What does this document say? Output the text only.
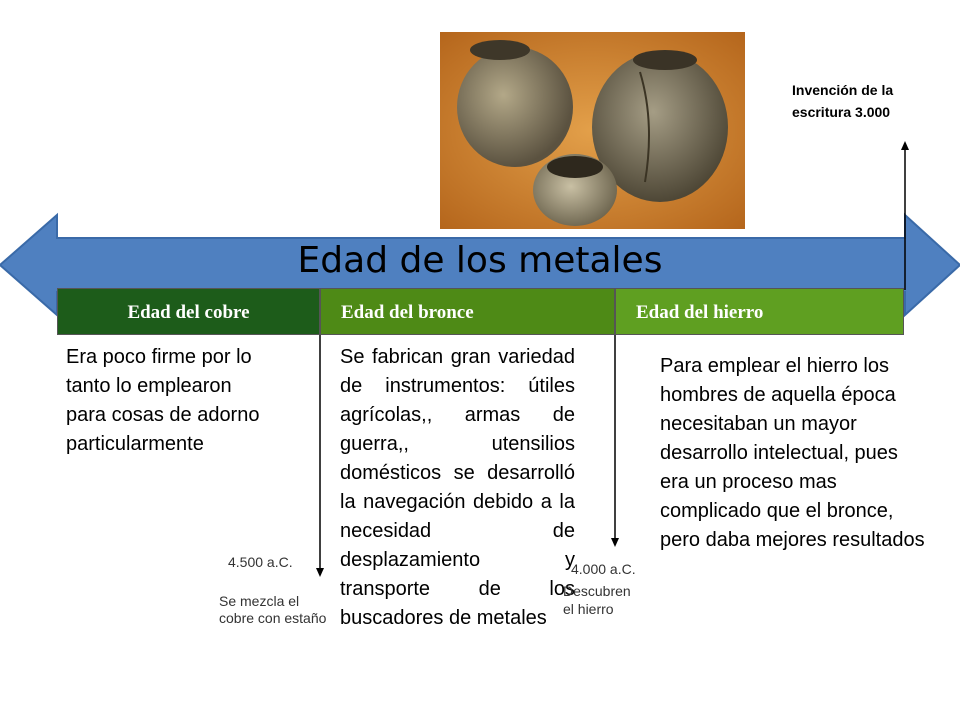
Edad de los metales
Edad del cobre	Edad del bronce	Edad del hierro
Era poco firme por lo tanto lo emplearon para cosas de adorno particularmente
Se fabrican gran variedad de instrumentos: útiles agrícolas,, armas de guerra,, utensilios domésticos se desarrolló la navegación debido a la necesidad de desplazamiento y transporte de los buscadores de metales
Para emplear el hierro los hombres de aquella época necesitaban un mayor desarrollo intelectual, pues era un proceso mas complicado que el bronce, pero daba mejores resultados
4.500 a.C.
Se mezcla el cobre con estaño
4.000 a.C.
Descubren el hierro
Invención de la escritura 3.000
